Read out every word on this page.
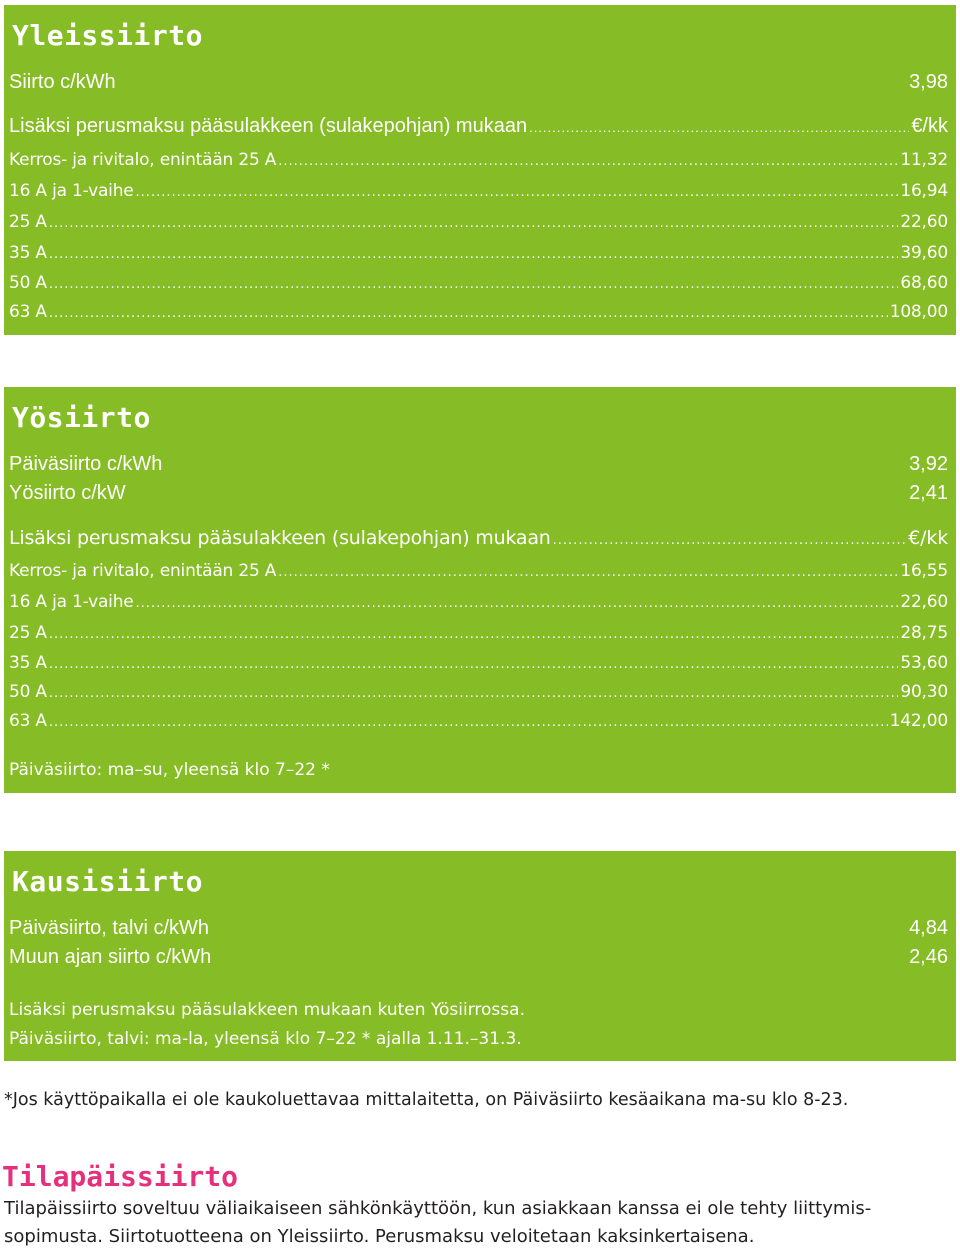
Yleissiirto
Siirto c/kWh	3,98
Lisäksi perusmaksu pääsulakkeen (sulakepohjan) mukaan .....	€/kk
Kerros- ja rivitalo, enintään 25 A .....	11,32
16 A ja 1-vaihe .....	16,94
25 A .....	22,60
35 A .....	39,60
50 A .....	68,60
63 A .....	108,00
Yösiirto
Päiväsiirto c/kWh	3,92
Yösiirto c/kW	2,41
Lisäksi perusmaksu pääsulakkeen (sulakepohjan) mukaan .....	€/kk
Kerros- ja rivitalo, enintään 25 A .....	16,55
16 A ja 1-vaihe .....	22,60
25 A .....	28,75
35 A .....	53,60
50 A .....	90,30
63 A .....	142,00
Päiväsiirto: ma–su, yleensä klo 7–22 *
Kausisiirto
Päiväsiirto, talvi c/kWh	4,84
Muun ajan siirto c/kWh	2,46
Lisäksi perusmaksu pääsulakkeen mukaan kuten Yösiirrossa.
Päiväsiirto, talvi: ma-la, yleensä klo 7–22 * ajalla 1.11.–31.3.
*Jos käyttöpaikalla ei ole kaukoluettavaa mittalaitetta, on Päiväsiirto kesäaikana ma-su klo 8-23.
Tilapäissiirto
Tilapäissiirto soveltuu väliaikaiseen sähkönkäyttöön, kun asiakkaan kanssa ei ole tehty liittymis-
sopimusta. Siirtotuotteena on Yleissiirto. Perusmaksu veloitetaan kaksinkertaisena.
